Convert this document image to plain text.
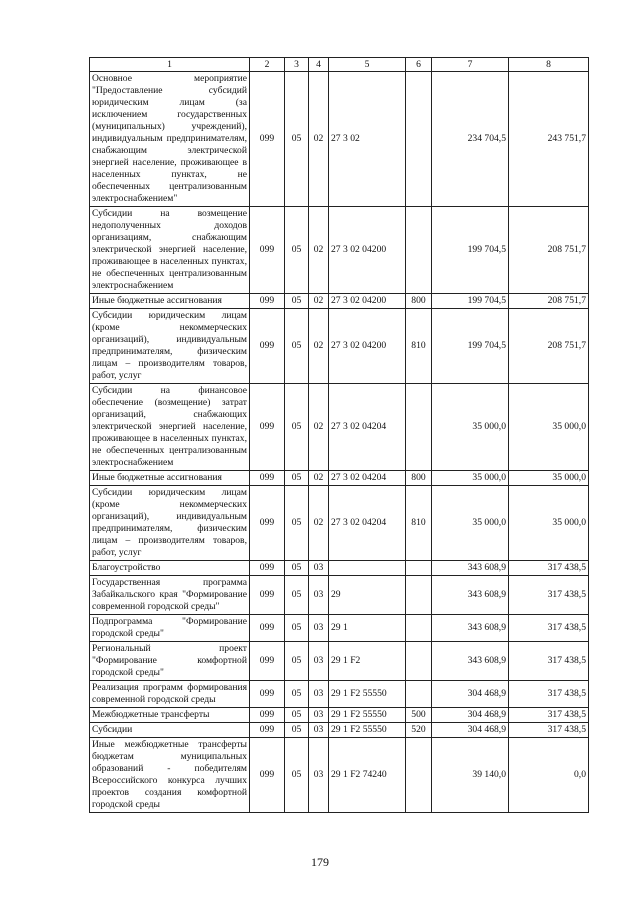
1	2	3	4	5	6	7	8
Основное мероприятие "Предоставление субсидий юридическим лицам (за исключением государственных (муниципальных) учреждений), индивидуальным предпринимателям, снабжающим электрической энергией население, проживающее в населенных пунктах, не обеспеченных централизованным электроснабжением"	099	05	02	27 3 02		234 704,5	243 751,7
Субсидии на возмещение недополученных доходов организациям, снабжающим электрической энергией население, проживающее в населенных пунктах, не обеспеченных централизованным электроснабжением	099	05	02	27 3 02 04200		199 704,5	208 751,7
Иные бюджетные ассигнования	099	05	02	27 3 02 04200	800	199 704,5	208 751,7
Субсидии юридическим лицам (кроме некоммерческих организаций), индивидуальным предпринимателям, физическим лицам – производителям товаров, работ, услуг	099	05	02	27 3 02 04200	810	199 704,5	208 751,7
Субсидии на финансовое обеспечение (возмещение) затрат организаций, снабжающих электрической энергией население, проживающее в населенных пунктах, не обеспеченных централизованным электроснабжением	099	05	02	27 3 02 04204		35 000,0	35 000,0
Иные бюджетные ассигнования	099	05	02	27 3 02 04204	800	35 000,0	35 000,0
Субсидии юридическим лицам (кроме некоммерческих организаций), индивидуальным предпринимателям, физическим лицам – производителям товаров, работ, услуг	099	05	02	27 3 02 04204	810	35 000,0	35 000,0
Благоустройство	099	05	03			343 608,9	317 438,5
Государственная программа Забайкальского края "Формирование современной городской среды"	099	05	03	29		343 608,9	317 438,5
Подпрограмма "Формирование городской среды"	099	05	03	29 1		343 608,9	317 438,5
Региональный проект "Формирование комфортной городской среды"	099	05	03	29 1 F2		343 608,9	317 438,5
Реализация программ формирования современной городской среды	099	05	03	29 1 F2 55550		304 468,9	317 438,5
Межбюджетные трансферты	099	05	03	29 1 F2 55550	500	304 468,9	317 438,5
Субсидии	099	05	03	29 1 F2 55550	520	304 468,9	317 438,5
Иные межбюджетные трансферты бюджетам муниципальных образований - победителям Всероссийского конкурса лучших проектов создания комфортной городской среды	099	05	03	29 1 F2 74240		39 140,0	0,0
179
